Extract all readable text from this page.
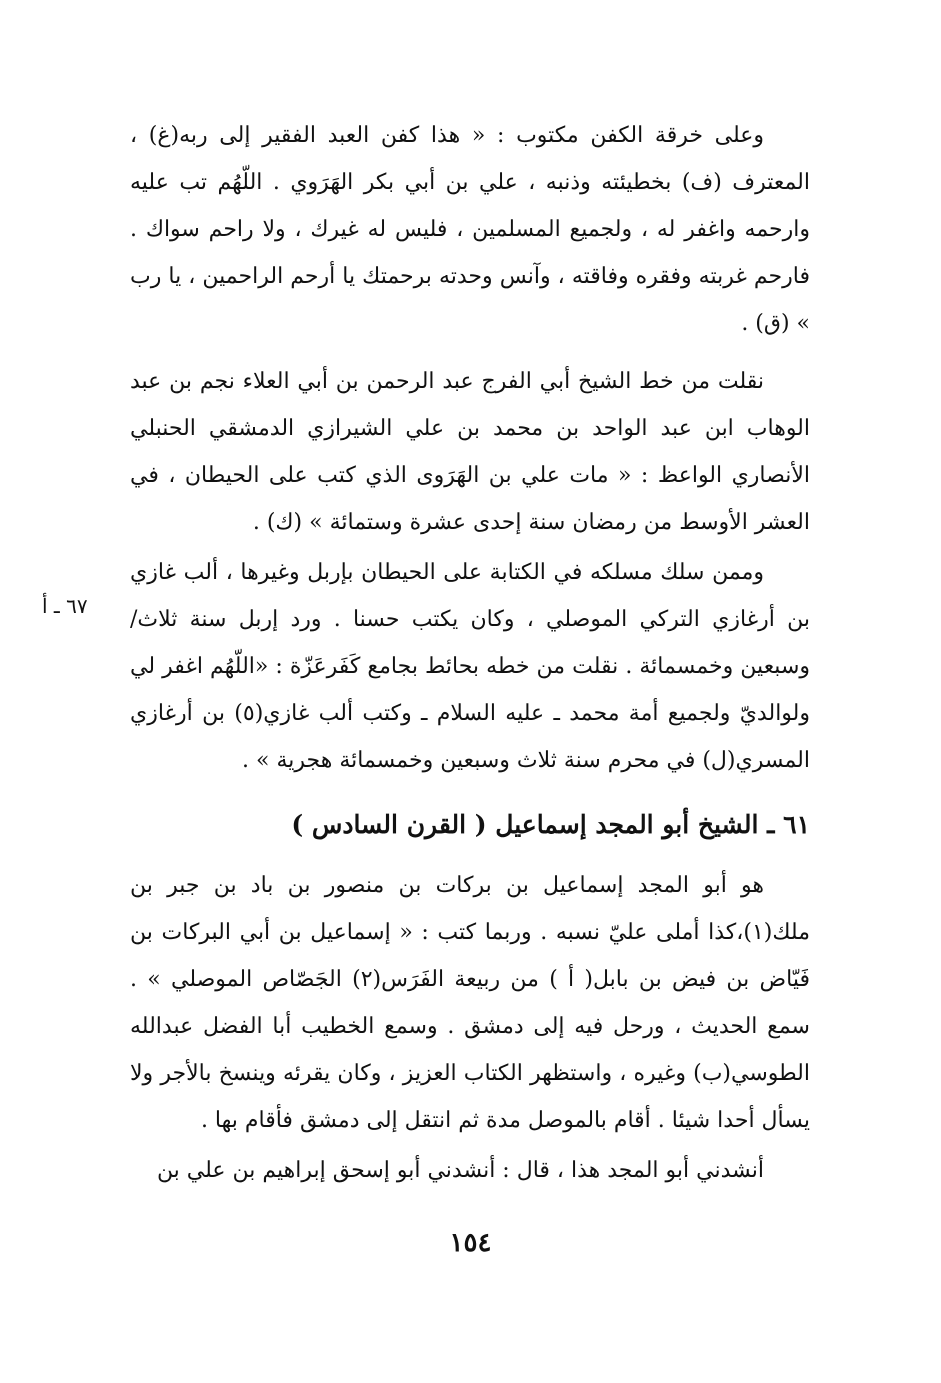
وعلى خرقة الكفن مكتوب : « هذا كفن العبد الفقير إلى ربه(غ) ، المعترف (ف) بخطيئته وذنبه ، علي بن أبي بكر الهَرَوي . اللّهُم تب عليه وارحمه واغفر له ، ولجميع المسلمين ، فليس له غيرك ، ولا راحم سواك . فارحم غربته وفقره وفاقته ، وآنس وحدته برحمتك يا أرحم الراحمين ، يا رب » (ق) .

نقلت من خط الشيخ أبي الفرج عبد الرحمن بن أبي العلاء نجم بن عبد الوهاب ابن عبد الواحد بن محمد بن علي الشيرازي الدمشقي الحنبلي الأنصاري الواعظ : « مات علي بن الهَرَوى الذي كتب على الحيطان ، في العشر الأوسط من رمضان سنة إحدى عشرة وستمائة » (ك) .

وممن سلك مسلكه في الكتابة على الحيطان بإربل وغيرها ، ألب غازي بن أرغازي التركي الموصلي ، وكان يكتب حسنا . ورد إربل سنة ثلاث/ وسبعين وخمسمائة . نقلت من خطه بحائط بجامع كَفَرعَزّة : «اللّهُم اغفر لي ولوالديّ ولجميع أمة محمد ـ عليه السلام ـ وكتب ألب غازي(٥) بن أرغازي المسري(ل) في محرم سنة ثلاث وسبعين وخمسمائة هجرية » .

٦٧ ـ أ
٦١ ـ الشيخ أبو المجد إسماعيل ( القرن السادس )

هو أبو المجد إسماعيل بن بركات بن منصور بن باد بن جبر بن ملك(١)،كذا أملى عليّ نسبه . وربما كتب : « إسماعيل بن أبي البركات بن فَيّاض بن فيض بن بابل( أ ) من ربيعة الفَرَس(٢) الجَصّاص الموصلي » . سمع الحديث ، ورحل فيه إلى دمشق . وسمع الخطيب أبا الفضل عبدالله الطوسي(ب) وغيره ، واستظهر الكتاب العزيز ، وكان يقرئه وينسخ بالأجر ولا يسأل أحدا شيئا . أقام بالموصل مدة ثم انتقل إلى دمشق فأقام بها .

أنشدني أبو المجد هذا ، قال : أنشدني أبو إسحق إبراهيم بن علي بن

١٥٤
